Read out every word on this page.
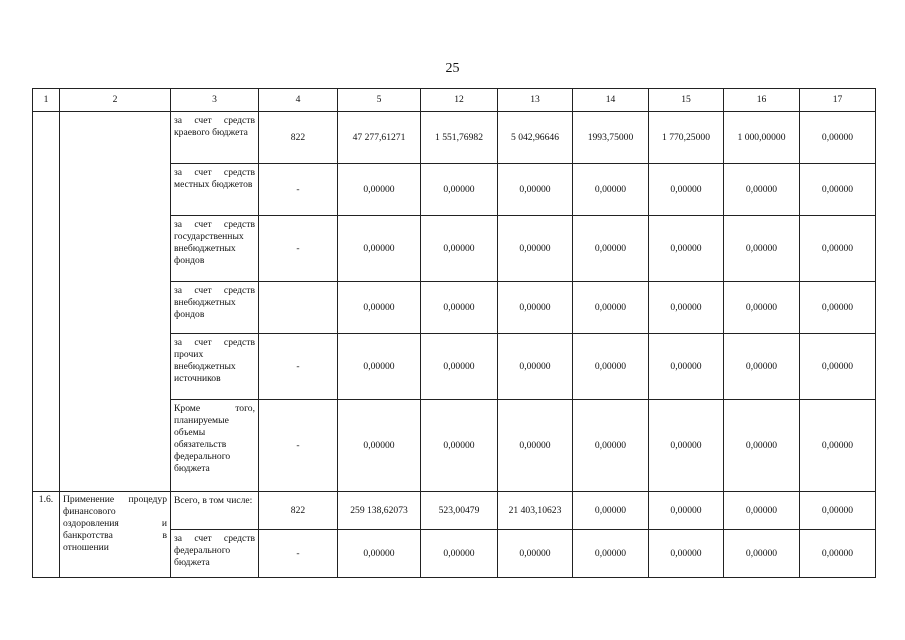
25
1	2	3	4	5	12	13	14	15	16	17
		за счет средств краевого бюджета	822	47 277,61271	1 551,76982	5 042,96646	1993,75000	1 770,25000	1 000,00000	0,00000
		за счет средств местных бюджетов	-	0,00000	0,00000	0,00000	0,00000	0,00000	0,00000	0,00000
		за счет средств государственных внебюджетных фондов	-	0,00000	0,00000	0,00000	0,00000	0,00000	0,00000	0,00000
		за счет средств внебюджетных фондов		0,00000	0,00000	0,00000	0,00000	0,00000	0,00000	0,00000
		за счет средств прочих внебюджетных источников	-	0,00000	0,00000	0,00000	0,00000	0,00000	0,00000	0,00000
		Кроме того, планируемые объемы обязательств федерального бюджета	-	0,00000	0,00000	0,00000	0,00000	0,00000	0,00000	0,00000
1.6.	Применение процедур финансового оздоровления и банкротства в отношении	Всего, в том числе:	822	259 138,62073	523,00479	21 403,10623	0,00000	0,00000	0,00000	0,00000
		за счет средств федерального бюджета	-	0,00000	0,00000	0,00000	0,00000	0,00000	0,00000	0,00000
